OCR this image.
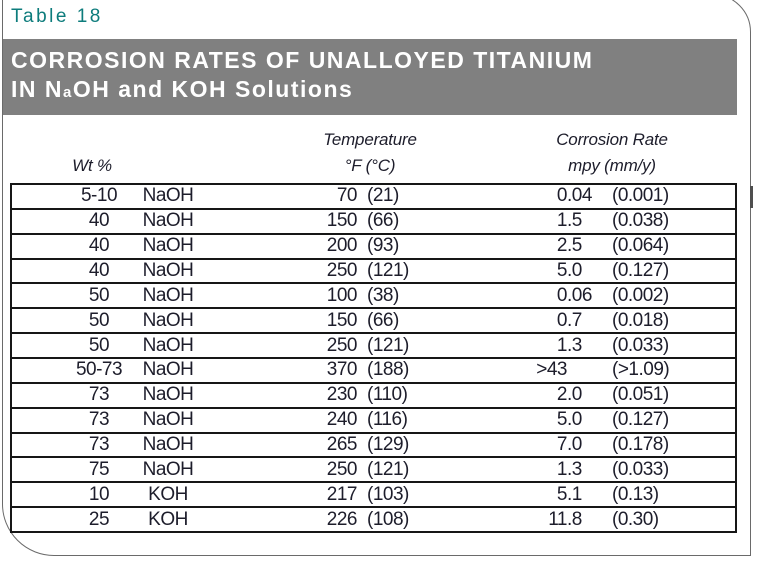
Table 18
CORROSION RATES OF UNALLOYED TITANIUM
IN NaOH and KOH Solutions
Wt %
Temperature
°F (°C)
Corrosion Rate
mpy (mm/y)
5-10	NaOH	70 (21)	0 .04	(0.001)
40	NaOH	150 (66)	1 .5	(0.038)
40	NaOH	200 (93)	2 .5	(0.064)
40	NaOH	250 (121)	5 .0	(0.127)
50	NaOH	100 (38)	0 .06	(0.002)
50	NaOH	150 (66)	0 .7	(0.018)
50	NaOH	250 (121)	1 .3	(0.033)
50-73	NaOH	370 (188)	>43 (>1.09)
73	NaOH	230 (110)	2 .0	(0.051)
73	NaOH	240 (116)	5 .0	(0.127)
73	NaOH	265 (129)	7 .0	(0.178)
75	NaOH	250 (121)	1 .3	(0.033)
10	KOH	217 (103)	5 .1	(0.13)
25	KOH	226 (108)	11 .8	(0.30)
